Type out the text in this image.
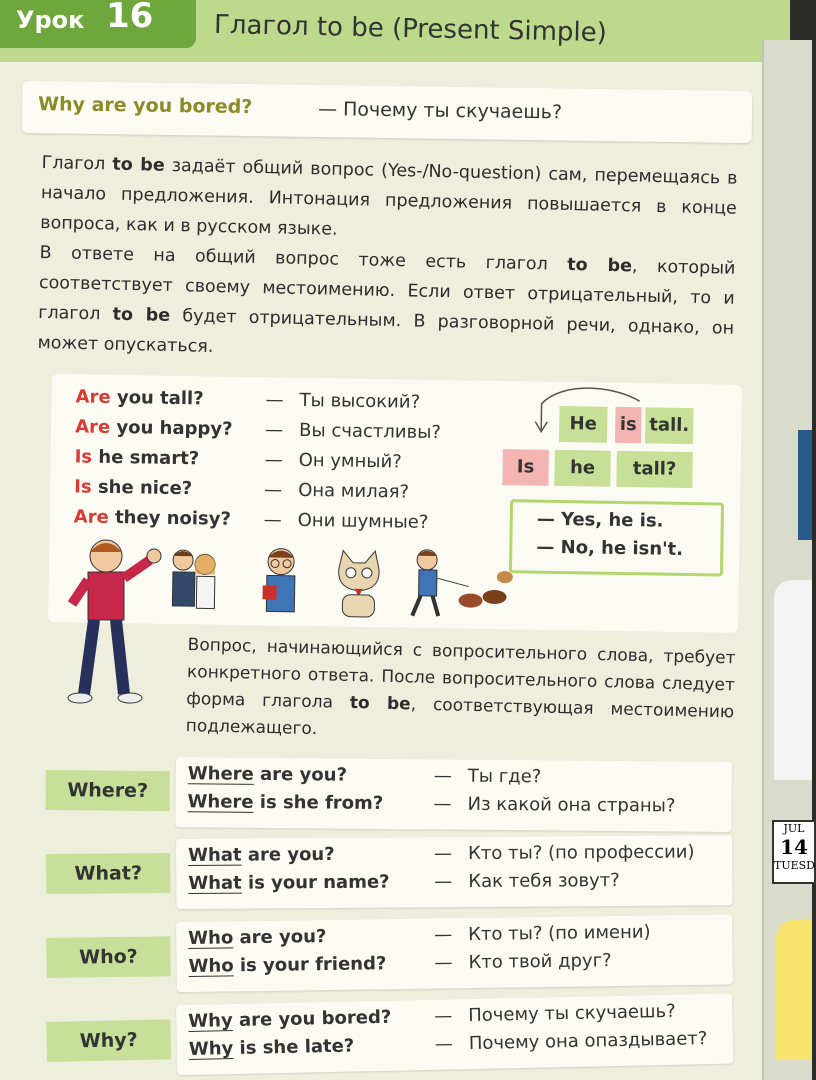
Урок 16 Глагол to be (Present Simple)
Why are you bored?	— Почему ты скучаешь?

Глагол to be задаёт общий вопрос (Yes-/No-question) сам, перемещаясь в начало предложения. Интонация предложения повышается в конце вопроса, как и в русском языке.

В ответе на общий вопрос тоже есть глагол to be, который соответствует своему местоимению. Если ответ отрицательный, то и глагол to be будет отрицательным. В разговорной речи, однако, он может опускаться.

Are you tall?	— Ты высокий?
Are you happy? — Вы счастливы?
Is he smart?	— Он умный?
Is she nice?	— Она милая?
Are they noisy? — Они шумные?
He	is tall.
Is	he	tall?
— Yes, he is.
— No, he isn't.

Вопрос, начинающийся с вопросительного слова, требует конкретного ответа. После вопросительного слова следует форма глагола to be, соответствующая местоимению подлежащего.

Where?
Where are you?	— Ты где?
Where is she from?	— Из какой она страны?
What?
What are you?	— Кто ты? (по профессии)
What is your name? — Как тебя зовут?
Who?
Who are you?	— Кто ты? (по имени)
Who is your friend?	— Кто твой друг?
Why?
Why are you bored? — Почему ты скучаешь?
Why is she late?	— Почему она опаздывает?
JUL
14
TUESD
